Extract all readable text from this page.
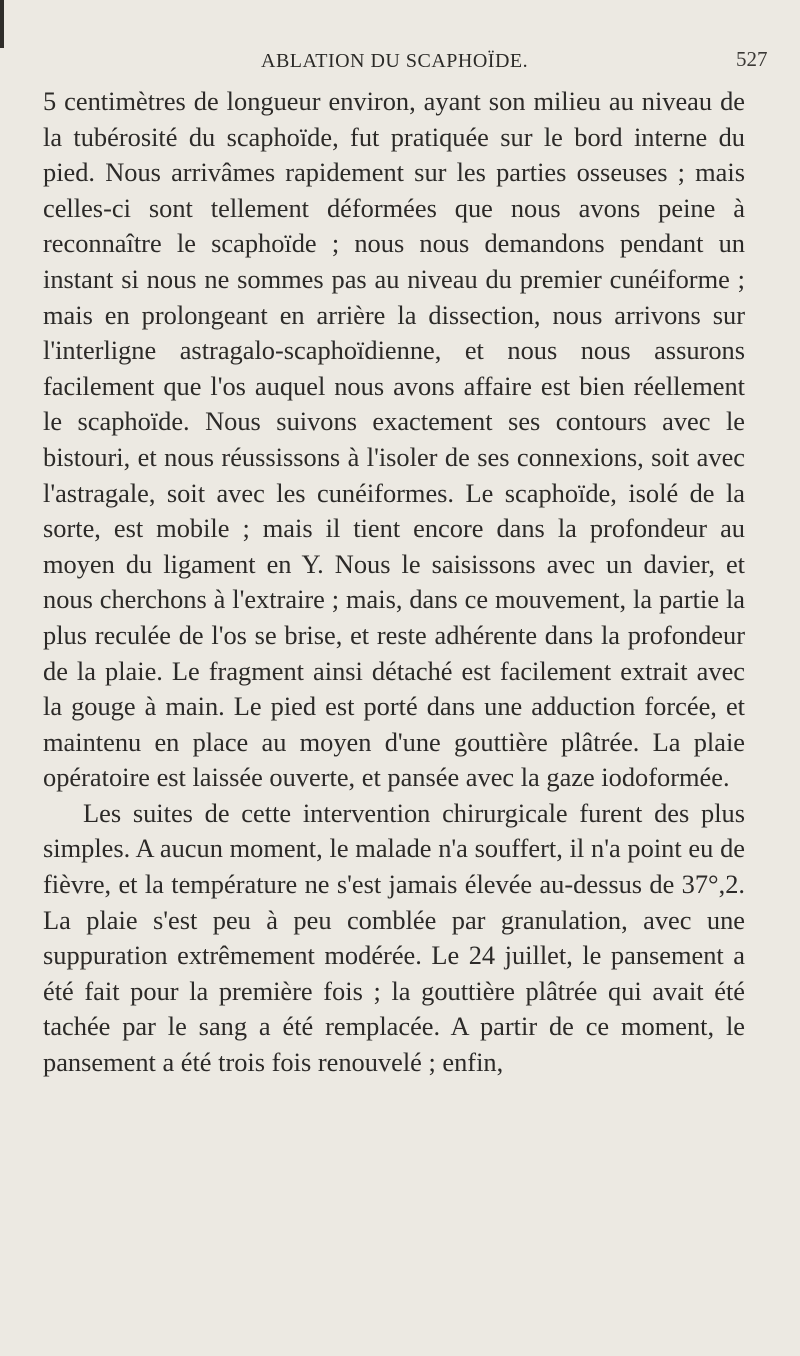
ABLATION DU SCAPHOÏDE.	527

5 centimètres de longueur environ, ayant son milieu au niveau de la tubérosité du scaphoïde, fut pratiquée sur le bord interne du pied. Nous arrivâmes rapidement sur les parties osseuses ; mais celles-ci sont tellement déformées que nous avons peine à reconnaître le scaphoïde ; nous nous demandons pendant un instant si nous ne sommes pas au niveau du premier cunéiforme ; mais en prolongeant en arrière la dissection, nous arrivons sur l'interligne astragalo-scaphoïdienne, et nous nous assurons facilement que l'os auquel nous avons affaire est bien réellement le scaphoïde. Nous suivons exactement ses contours avec le bistouri, et nous réussissons à l'isoler de ses connexions, soit avec l'astragale, soit avec les cunéiformes. Le scaphoïde, isolé de la sorte, est mobile ; mais il tient encore dans la profondeur au moyen du ligament en Y. Nous le saisissons avec un davier, et nous cherchons à l'extraire ; mais, dans ce mouvement, la partie la plus reculée de l'os se brise, et reste adhérente dans la profondeur de la plaie. Le fragment ainsi détaché est facilement extrait avec la gouge à main. Le pied est porté dans une adduction forcée, et maintenu en place au moyen d'une gouttière plâtrée. La plaie opératoire est laissée ouverte, et pansée avec la gaze iodoformée.

Les suites de cette intervention chirurgicale furent des plus simples. A aucun moment, le malade n'a souffert, il n'a point eu de fièvre, et la température ne s'est jamais élevée au-dessus de 37°,2. La plaie s'est peu à peu comblée par granulation, avec une suppuration extrêmement modérée. Le 24 juillet, le pansement a été fait pour la première fois ; la gouttière plâtrée qui avait été tachée par le sang a été remplacée. A partir de ce moment, le pansement a été trois fois renouvelé ; enfin,
